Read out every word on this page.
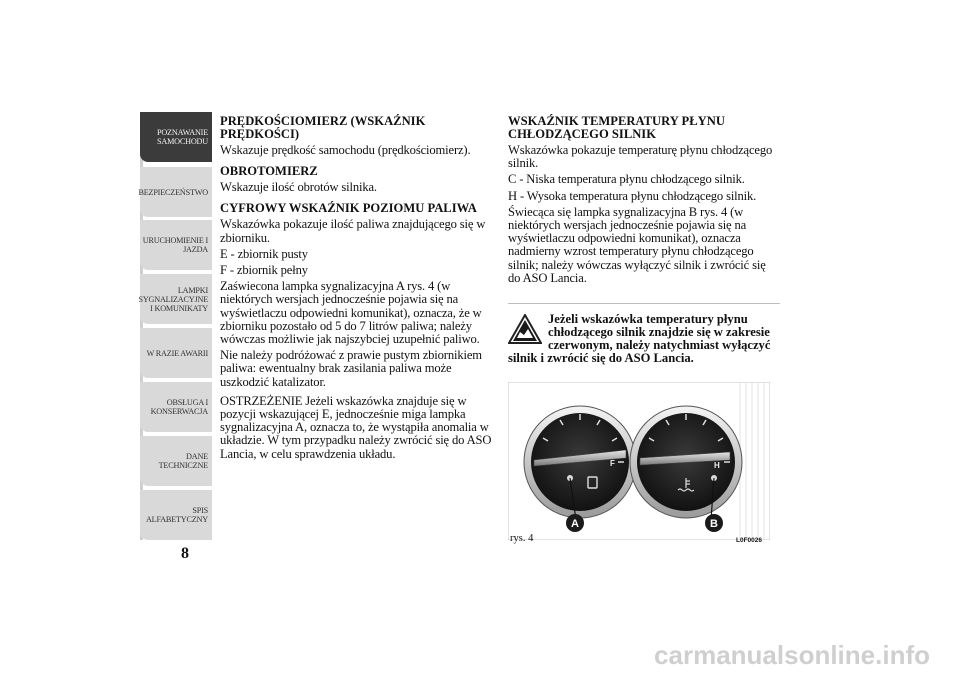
POZNAWANIE
SAMOCHODU
BEZPIECZEŃSTWO
URUCHOMIENIE I
JAZDA
LAMPKI
SYGNALIZACYJNE
I KOMUNIKATY
W RAZIE AWARII
OBSŁUGA I
KONSERWACJA
DANE
TECHNICZNE
SPIS
ALFABETYCZNY
8
PRĘDKOŚCIOMIERZ (WSKAŹNIK PRĘDKOŚCI)

Wskazuje prędkość samochodu (prędkościomierz).

OBROTOMIERZ

Wskazuje ilość obrotów silnika.

CYFROWY WSKAŹNIK POZIOMU PALIWA

Wskazówka pokazuje ilość paliwa znajdującego się w zbiorniku.

E - zbiornik pusty

F - zbiornik pełny

Zaświecona lampka sygnalizacyjna A rys. 4 (w niektórych wersjach jednocześnie pojawia się na wyświetlaczu odpowiedni komunikat), oznacza, że w zbiorniku pozostało od 5 do 7 litrów paliwa; należy wówczas możliwie jak najszybciej uzupełnić paliwo.

Nie należy podróżować z prawie pustym zbiornikiem paliwa: ewentualny brak zasilania paliwa może uszkodzić katalizator.

OSTRZEŻENIE Jeżeli wskazówka znajduje się w pozycji wskazującej E, jednocześnie miga lampka sygnalizacyjna A, oznacza to, że wystąpiła anomalia w układzie. W tym przypadku należy zwrócić się do ASO Lancia, w celu sprawdzenia układu.

WSKAŹNIK TEMPERATURY PŁYNU CHŁODZĄCEGO SILNIK

Wskazówka pokazuje temperaturę płynu chłodzącego silnik.

C - Niska temperatura płynu chłodzącego silnik.

H - Wysoka temperatura płynu chłodzącego silnik.

Świecąca się lampka sygnalizacyjna B rys. 4 (w niektórych wersjach jednocześnie pojawia się na wyświetlaczu odpowiedni komunikat), oznacza nadmierny wzrost temperatury płynu chłodzącego silnik; należy wówczas wyłączyć silnik i zwrócić się do ASO Lancia.

Jeżeli wskazówka temperatury płynu chłodzącego silnik znajdzie się w zakresie czerwonym, należy natychmiast wyłączyć
silnik i zwrócić się do ASO Lancia.
F	H
A	B
rys. 4	L0F0026
carmanualsonline.info
